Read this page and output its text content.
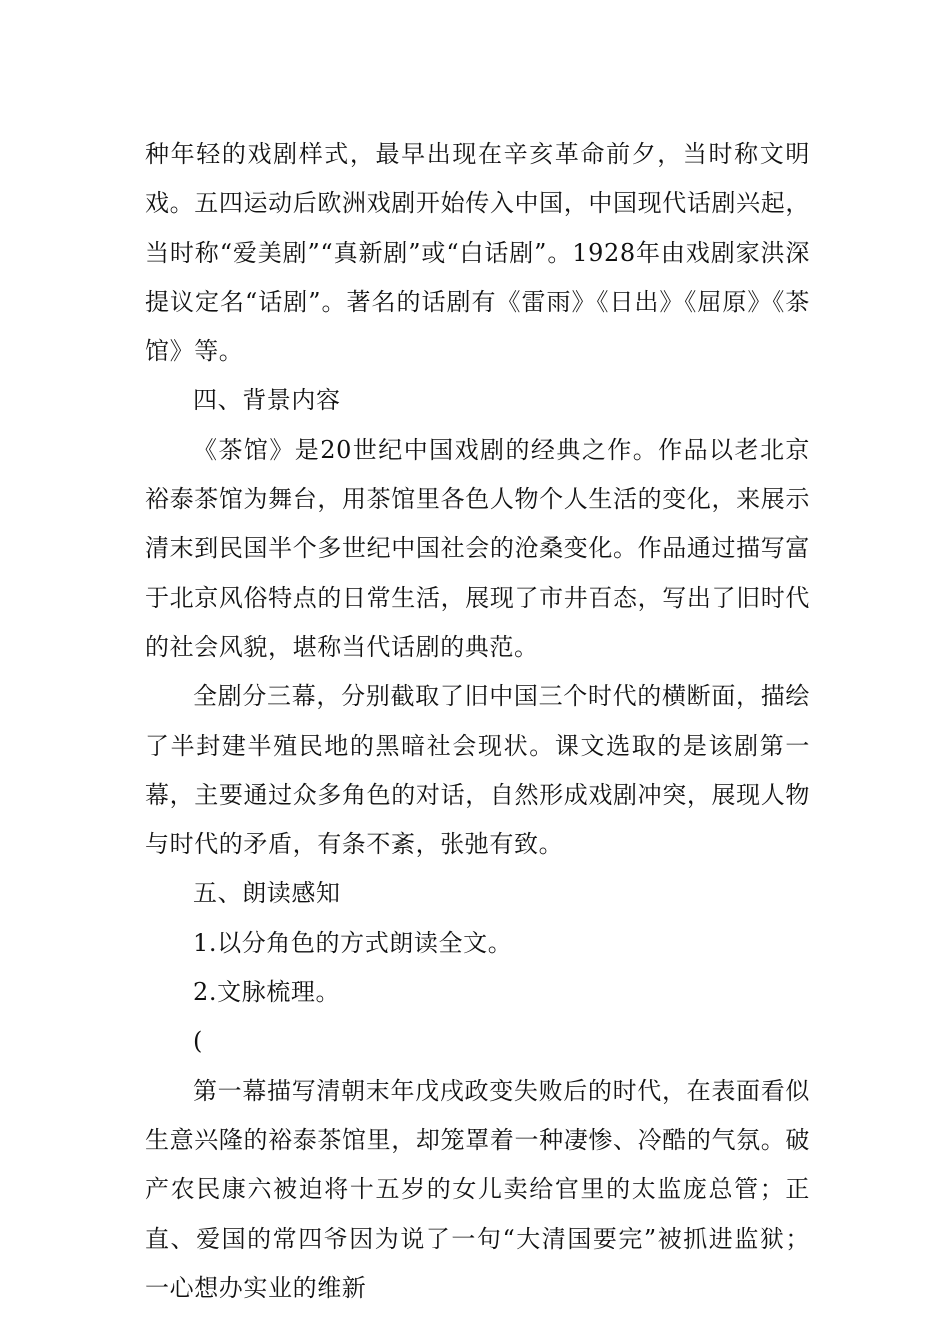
种年轻的戏剧样式，最早出现在辛亥革命前夕，当时称文明戏。五四运动后欧洲戏剧开始传入中国，中国现代话剧兴起，当时称“爱美剧”“真新剧”或“白话剧”。1928年由戏剧家洪深提议定名“话剧”。著名的话剧有《雷雨》《日出》《屈原》《茶馆》等。

四、背景内容

《茶馆》是20世纪中国戏剧的经典之作。作品以老北京裕泰茶馆为舞台，用茶馆里各色人物个人生活的变化，来展示清末到民国半个多世纪中国社会的沧桑变化。作品通过描写富于北京风俗特点的日常生活，展现了市井百态，写出了旧时代的社会风貌，堪称当代话剧的典范。

全剧分三幕，分别截取了旧中国三个时代的横断面，描绘了半封建半殖民地的黑暗社会现状。课文选取的是该剧第一幕，主要通过众多角色的对话，自然形成戏剧冲突，展现人物与时代的矛盾，有条不紊，张弛有致。

五、朗读感知

1.以分角色的方式朗读全文。

2.文脉梳理。

(

第一幕描写清朝末年戊戌政变失败后的时代，在表面看似生意兴隆的裕泰茶馆里，却笼罩着一种凄惨、冷酷的气氛。破产农民康六被迫将十五岁的女儿卖给官里的太监庞总管；正直、爱国的常四爷因为说了一句“大清国要完”被抓进监狱；一心想办实业的维新
